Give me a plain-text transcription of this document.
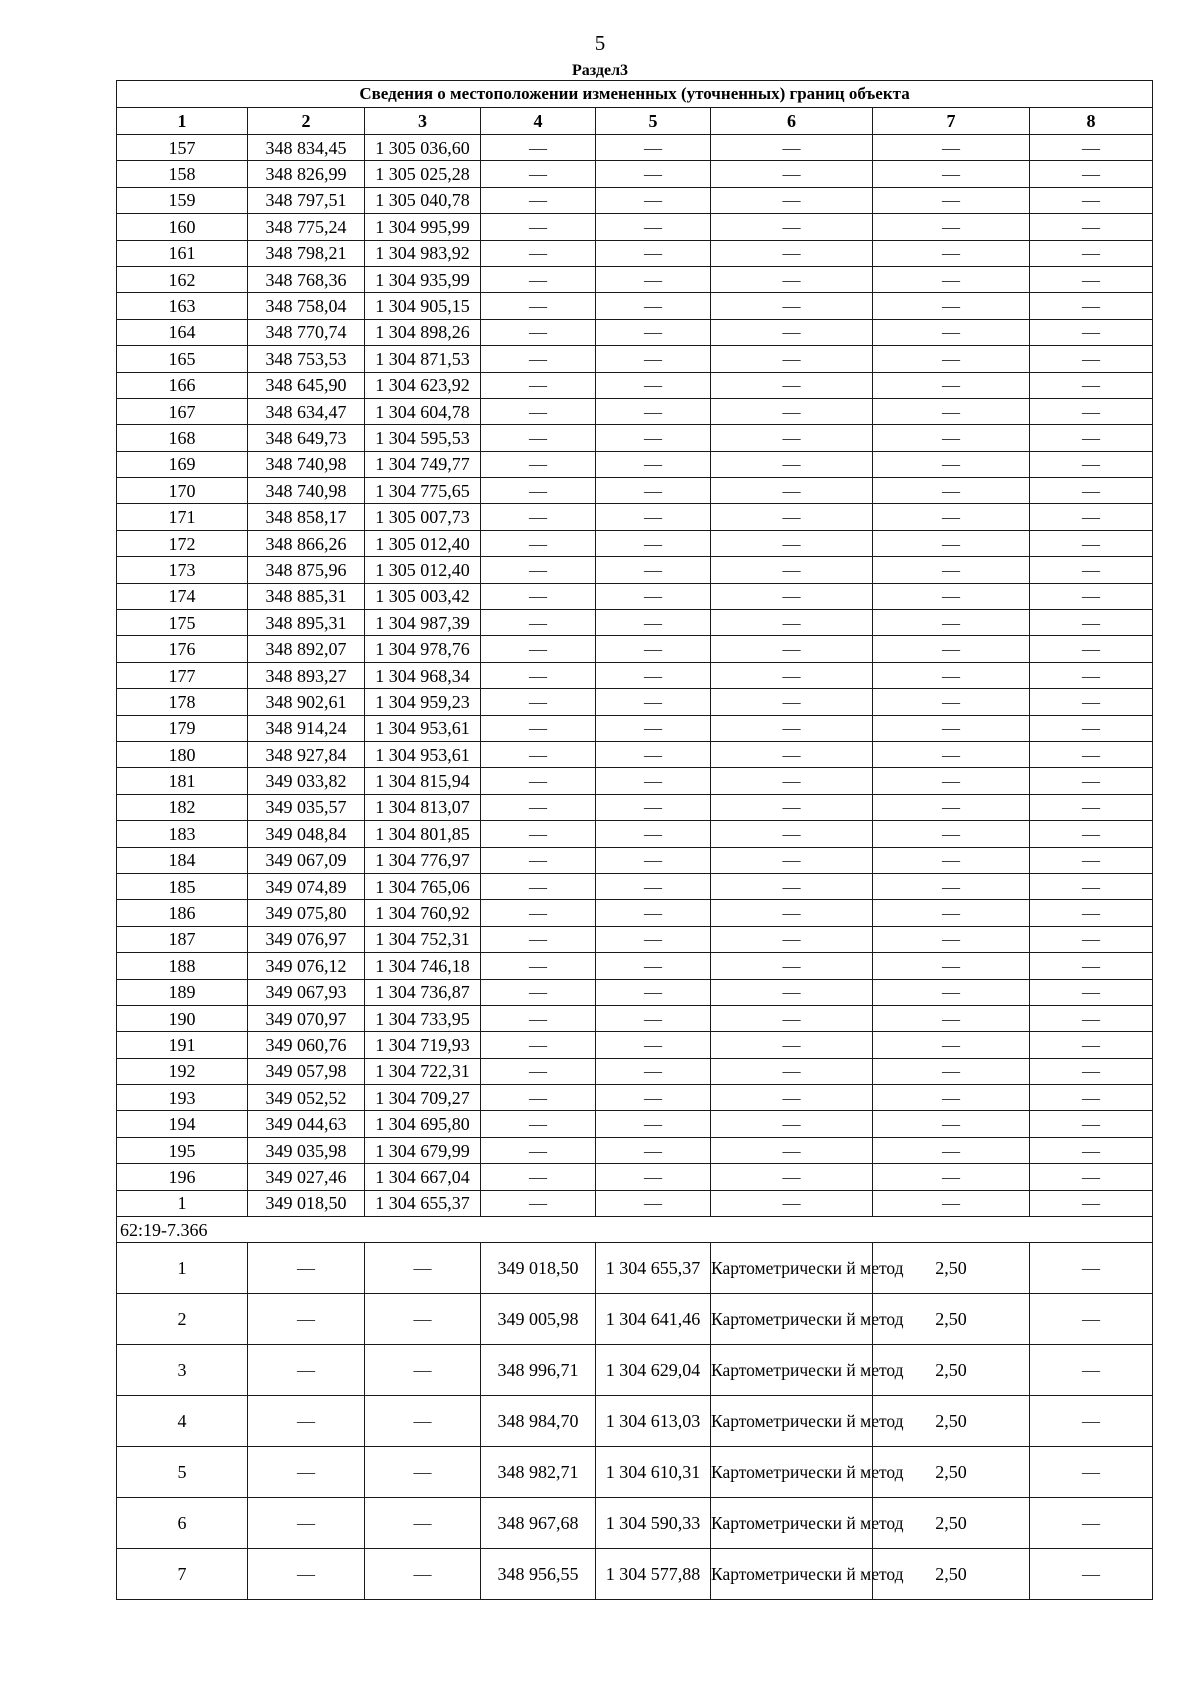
5
Раздел3
Сведения о местоположении измененных (уточненных) границ объекта							
1	2	3	4	5	6	7	8
157	348 834,45	1 305 036,60	—	—	—	—	—
158	348 826,99	1 305 025,28	—	—	—	—	—
159	348 797,51	1 305 040,78	—	—	—	—	—
160	348 775,24	1 304 995,99	—	—	—	—	—
161	348 798,21	1 304 983,92	—	—	—	—	—
162	348 768,36	1 304 935,99	—	—	—	—	—
163	348 758,04	1 304 905,15	—	—	—	—	—
164	348 770,74	1 304 898,26	—	—	—	—	—
165	348 753,53	1 304 871,53	—	—	—	—	—
166	348 645,90	1 304 623,92	—	—	—	—	—
167	348 634,47	1 304 604,78	—	—	—	—	—
168	348 649,73	1 304 595,53	—	—	—	—	—
169	348 740,98	1 304 749,77	—	—	—	—	—
170	348 740,98	1 304 775,65	—	—	—	—	—
171	348 858,17	1 305 007,73	—	—	—	—	—
172	348 866,26	1 305 012,40	—	—	—	—	—
173	348 875,96	1 305 012,40	—	—	—	—	—
174	348 885,31	1 305 003,42	—	—	—	—	—
175	348 895,31	1 304 987,39	—	—	—	—	—
176	348 892,07	1 304 978,76	—	—	—	—	—
177	348 893,27	1 304 968,34	—	—	—	—	—
178	348 902,61	1 304 959,23	—	—	—	—	—
179	348 914,24	1 304 953,61	—	—	—	—	—
180	348 927,84	1 304 953,61	—	—	—	—	—
181	349 033,82	1 304 815,94	—	—	—	—	—
182	349 035,57	1 304 813,07	—	—	—	—	—
183	349 048,84	1 304 801,85	—	—	—	—	—
184	349 067,09	1 304 776,97	—	—	—	—	—
185	349 074,89	1 304 765,06	—	—	—	—	—
186	349 075,80	1 304 760,92	—	—	—	—	—
187	349 076,97	1 304 752,31	—	—	—	—	—
188	349 076,12	1 304 746,18	—	—	—	—	—
189	349 067,93	1 304 736,87	—	—	—	—	—
190	349 070,97	1 304 733,95	—	—	—	—	—
191	349 060,76	1 304 719,93	—	—	—	—	—
192	349 057,98	1 304 722,31	—	—	—	—	—
193	349 052,52	1 304 709,27	—	—	—	—	—
194	349 044,63	1 304 695,80	—	—	—	—	—
195	349 035,98	1 304 679,99	—	—	—	—	—
196	349 027,46	1 304 667,04	—	—	—	—	—
1	349 018,50	1 304 655,37	—	—	—	—	—
62:19-7.366							
1	—	—	349 018,50	1 304 655,37	Картометрически й метод	2,50	—
2	—	—	349 005,98	1 304 641,46	Картометрически й метод	2,50	—
3	—	—	348 996,71	1 304 629,04	Картометрически й метод	2,50	—
4	—	—	348 984,70	1 304 613,03	Картометрически й метод	2,50	—
5	—	—	348 982,71	1 304 610,31	Картометрически й метод	2,50	—
6	—	—	348 967,68	1 304 590,33	Картометрически й метод	2,50	—
7	—	—	348 956,55	1 304 577,88	Картометрически й метод	2,50	—
